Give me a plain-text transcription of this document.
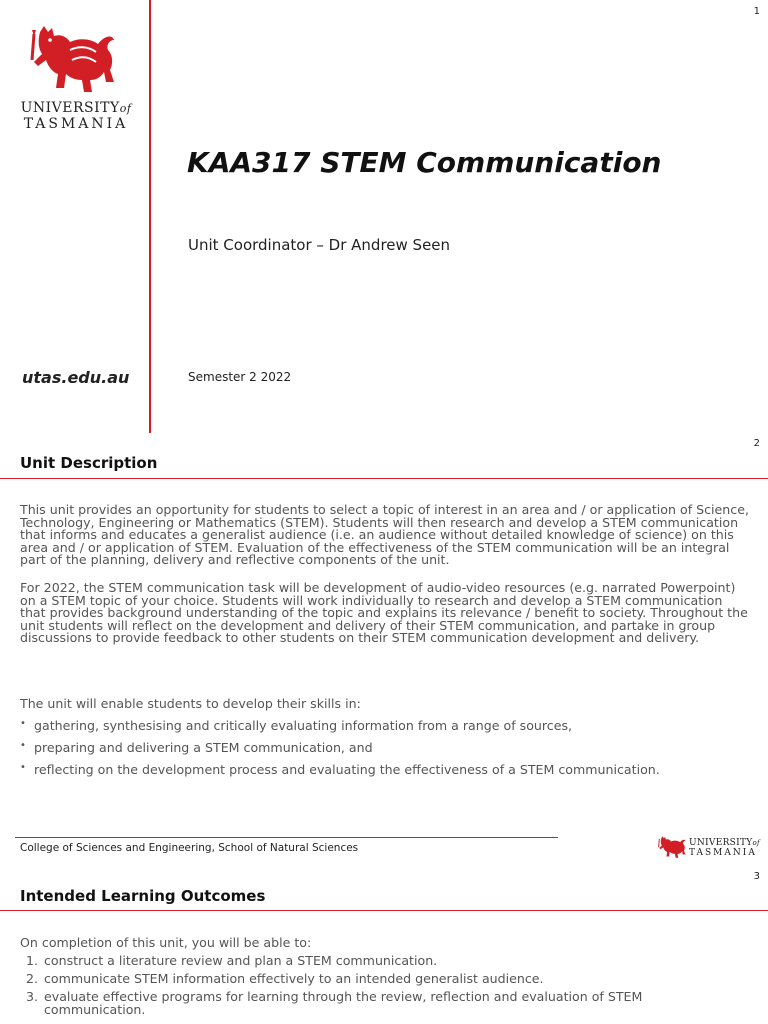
1
UNIVERSITYof
TASMANIA
utas.edu.au
KAA317 STEM Communication
Unit Coordinator – Dr Andrew Seen
Semester 2 2022
2
Unit Description

This unit provides an opportunity for students to select a topic of interest in an area and / or application of Science, Technology, Engineering or Mathematics (STEM). Students will then research and develop a STEM communication that informs and educates a generalist audience (i.e. an audience without detailed knowledge of science) on this area and / or application of STEM. Evaluation of the effectiveness of the STEM communication will be an integral part of the planning, delivery and reflective components of the unit.

For 2022, the STEM communication task will be development of audio-video resources (e.g. narrated Powerpoint) on a STEM topic of your choice. Students will work individually to research and develop a STEM communication that provides background understanding of the topic and explains its relevance / benefit to society. Throughout the unit students will reflect on the development and delivery of their STEM communication, and partake in group discussions to provide feedback to other students on their STEM communication development and delivery.

The unit will enable students to develop their skills in:
• gathering, synthesising and critically evaluating information from a range of sources,
• preparing and delivering a STEM communication, and
• reflecting on the development process and evaluating the effectiveness of a STEM communication.
College of Sciences and Engineering, School of Natural Sciences	UNIVERSITYof
TASMANIA
3
Intended Learning Outcomes
On completion of this unit, you will be able to:
1. construct a literature review and plan a STEM communication.
2. communicate STEM information effectively to an intended generalist audience.
3. evaluate effective programs for learning through the review, reflection and evaluation of STEM communication.
